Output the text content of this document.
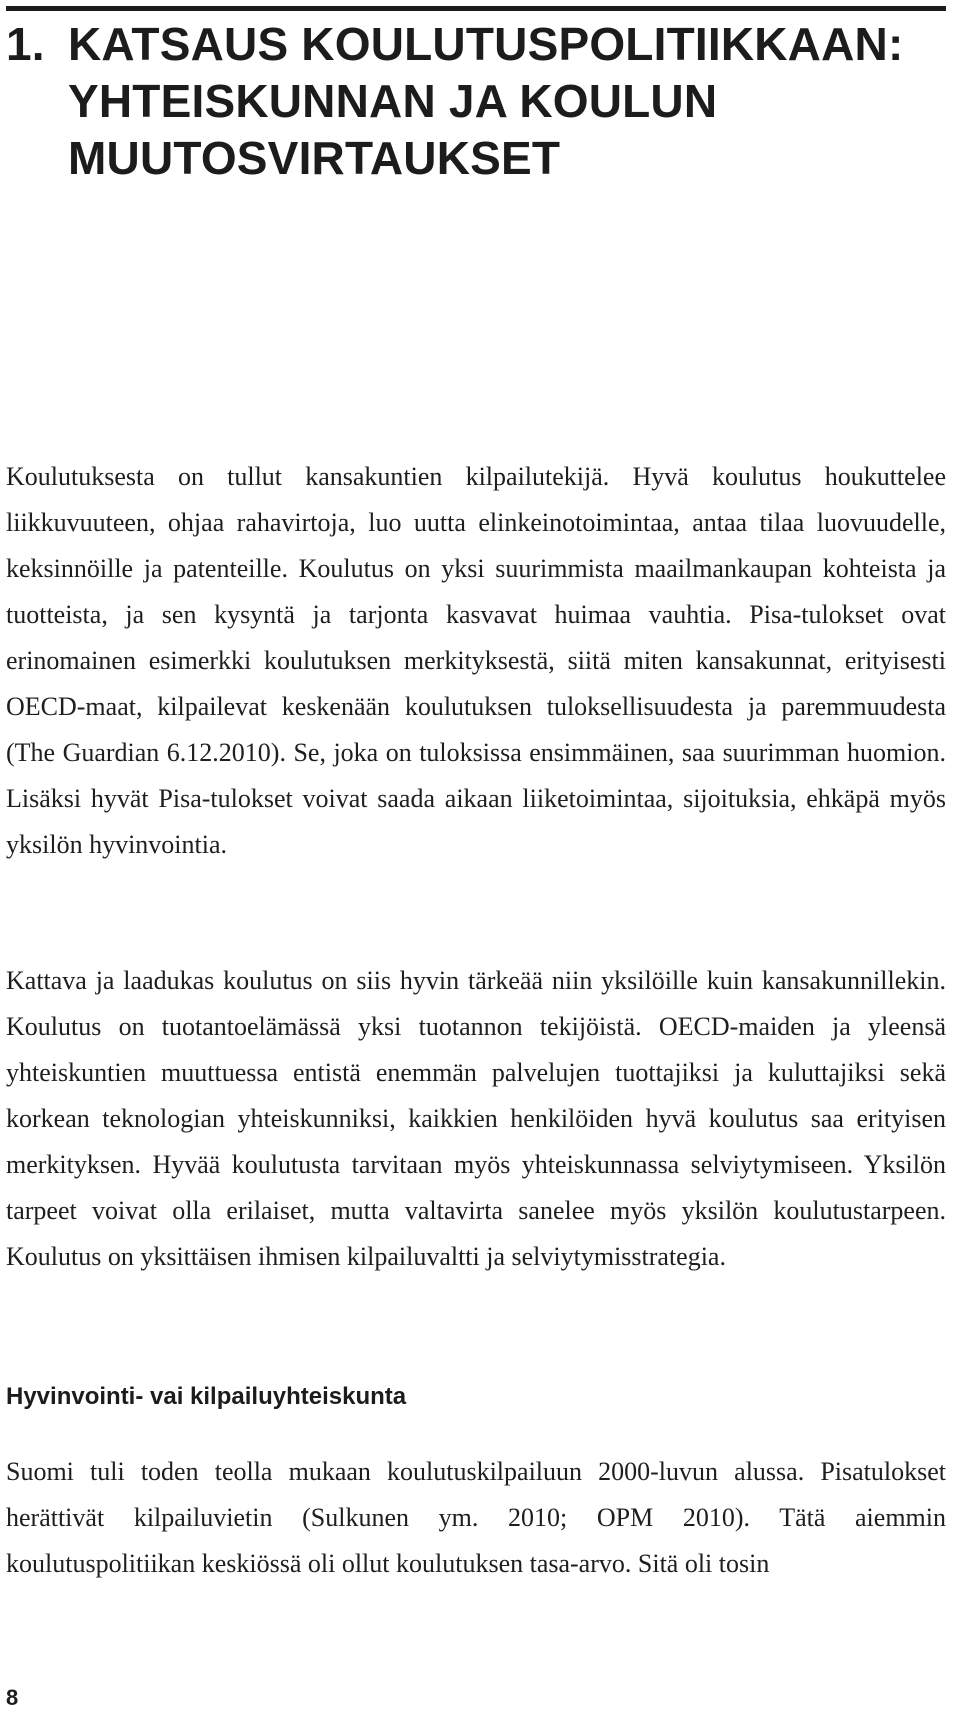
1. KATSAUS KOULUTUSPOLITIIKKAAN: YHTEISKUNNAN JA KOULUN MUUTOSVIRTAUKSET

Koulutuksesta on tullut kansakuntien kilpailutekijä. Hyvä koulutus houkuttelee liikkuvuuteen, ohjaa rahavirtoja, luo uutta elinkeinotoimintaa, antaa tilaa luovuudelle, keksinnöille ja patenteille. Koulutus on yksi suurimmista maailmankaupan kohteista ja tuotteista, ja sen kysyntä ja tarjonta kasvavat huimaa vauhtia. Pisa-tulokset ovat erinomainen esimerkki koulutuksen merkityksestä, siitä miten kansakunnat, erityisesti OECD-maat, kilpailevat keskenään koulutuksen tuloksellisuudesta ja paremmuudesta (The Guardian 6.12.2010). Se, joka on tuloksissa ensimmäinen, saa suurimman huomion. Lisäksi hyvät Pisa-tulokset voivat saada aikaan liiketoimintaa, sijoituksia, ehkäpä myös yksilön hyvinvointia.

Kattava ja laadukas koulutus on siis hyvin tärkeää niin yksilöille kuin kansakunnillekin. Koulutus on tuotantoelämässä yksi tuotannon tekijöistä. OECD-maiden ja yleensä yhteiskuntien muuttuessa entistä enemmän palvelujen tuottajiksi ja kuluttajiksi sekä korkean teknologian yhteiskunniksi, kaikkien henkilöiden hyvä koulutus saa erityisen merkityksen. Hyvää koulutusta tarvitaan myös yhteiskunnassa selviytymiseen. Yksilön tarpeet voivat olla erilaiset, mutta valtavirta sanelee myös yksilön koulutustarpeen. Koulutus on yksittäisen ihmisen kilpailuvaltti ja selviytymisstrategia.

Hyvinvointi- vai kilpailuyhteiskunta

Suomi tuli toden teolla mukaan koulutuskilpailuun 2000-luvun alussa. Pisatulokset herättivät kilpailuvietin (Sulkunen ym. 2010; OPM 2010). Tätä aiemmin koulutuspolitiikan keskiössä oli ollut koulutuksen tasa-arvo. Sitä oli tosin

8
